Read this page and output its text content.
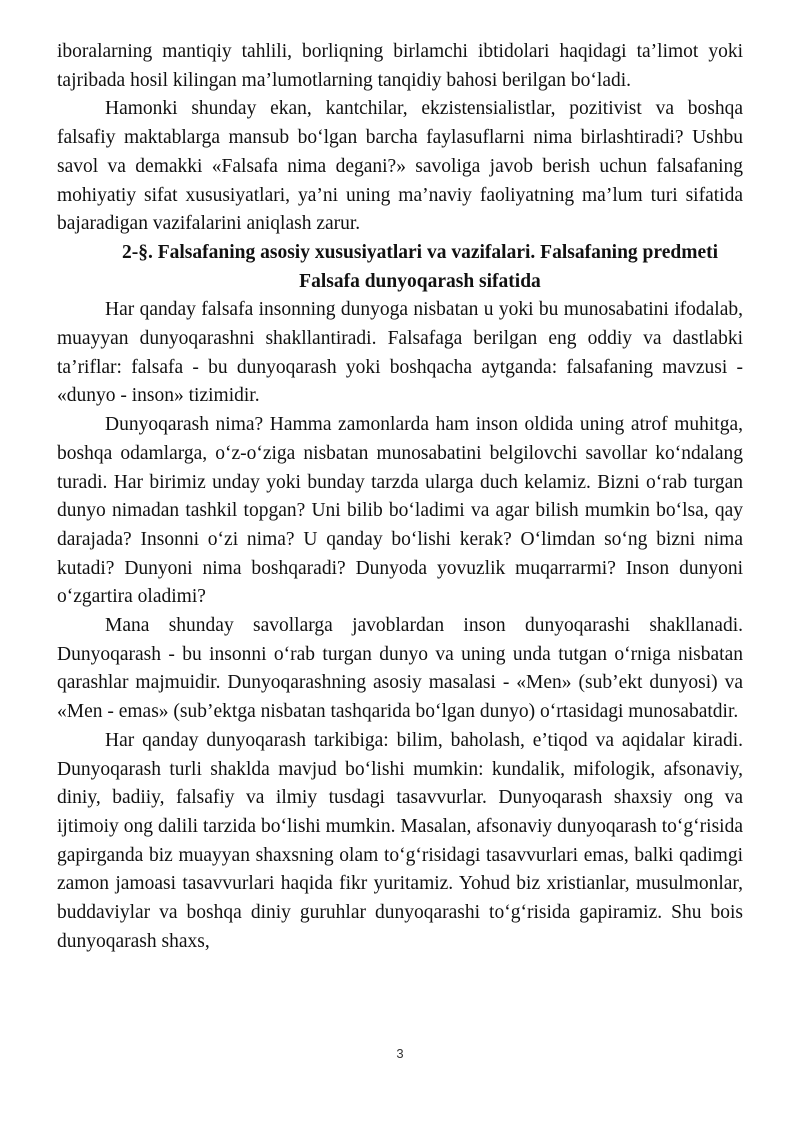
iboralarning mantiqiy tahlili, borliqning birlamchi ibtidolari haqidagi ta’limot yoki tajribada hosil kilingan ma’lumotlarning tanqidiy bahosi berilgan bo‘ladi.

Hamonki shunday ekan, kantchilar, ekzistensialistlar, pozitivist va boshqa falsafiy maktablarga mansub bo‘lgan barcha faylasuflarni nima birlashtiradi? Ushbu savol va demakki «Falsafa nima degani?» savoliga javob berish uchun falsafaning mohiyatiy sifat xususiyatlari, ya’ni uning ma’naviy faoliyatning ma’lum turi sifatida bajaradigan vazifalarini aniqlash zarur.

2-§. Falsafaning asosiy xususiyatlari va vazifalari. Falsafaning predmeti
Falsafa dunyoqarash sifatida

Har qanday falsafa insonning dunyoga nisbatan u yoki bu munosabatini ifodalab, muayyan dunyoqarashni shakllantiradi. Falsafaga berilgan eng oddiy va dastlabki ta’riflar: falsafa - bu dunyoqarash yoki boshqacha aytganda: falsafaning mavzusi - «dunyo - inson» tizimidir.

Dunyoqarash nima? Hamma zamonlarda ham inson oldida uning atrof muhitga, boshqa odamlarga, o‘z-o‘ziga nisbatan munosabatini belgilovchi savollar ko‘ndalang turadi. Har birimiz unday yoki bunday tarzda ularga duch kelamiz. Bizni o‘rab turgan dunyo nimadan tashkil topgan? Uni bilib bo‘ladimi va agar bilish mumkin bo‘lsa, qay darajada? Insonni o‘zi nima? U qanday bo‘lishi kerak? O‘limdan so‘ng bizni nima kutadi? Dunyoni nima boshqaradi? Dunyoda yovuzlik muqarrarmi? Inson dunyoni o‘zgartira oladimi?

Mana shunday savollarga javoblardan inson dunyoqarashi shakllanadi. Dunyoqarash - bu insonni o‘rab turgan dunyo va uning unda tutgan o‘rniga nisbatan qarashlar majmuidir. Dunyoqarashning asosiy masalasi - «Men» (sub’ekt dunyosi) va «Men - emas» (sub’ektga nisbatan tashqarida bo‘lgan dunyo) o‘rtasidagi munosabatdir.

Har qanday dunyoqarash tarkibiga: bilim, baholash, e’tiqod va aqidalar kiradi. Dunyoqarash turli shaklda mavjud bo‘lishi mumkin: kundalik, mifologik, afsonaviy, diniy, badiiy, falsafiy va ilmiy tusdagi tasavvurlar. Dunyoqarash shaxsiy ong va ijtimoiy ong dalili tarzida bo‘lishi mumkin. Masalan, afsonaviy dunyoqarash to‘g‘risida gapirganda biz muayyan shaxsning olam to‘g‘risidagi tasavvurlari emas, balki qadimgi zamon jamoasi tasavvurlari haqida fikr yuritamiz. Yohud biz xristianlar, musulmonlar, buddaviylar va boshqa diniy guruhlar dunyoqarashi to‘g‘risida gapiramiz. Shu bois dunyoqarash shaxs,

3
